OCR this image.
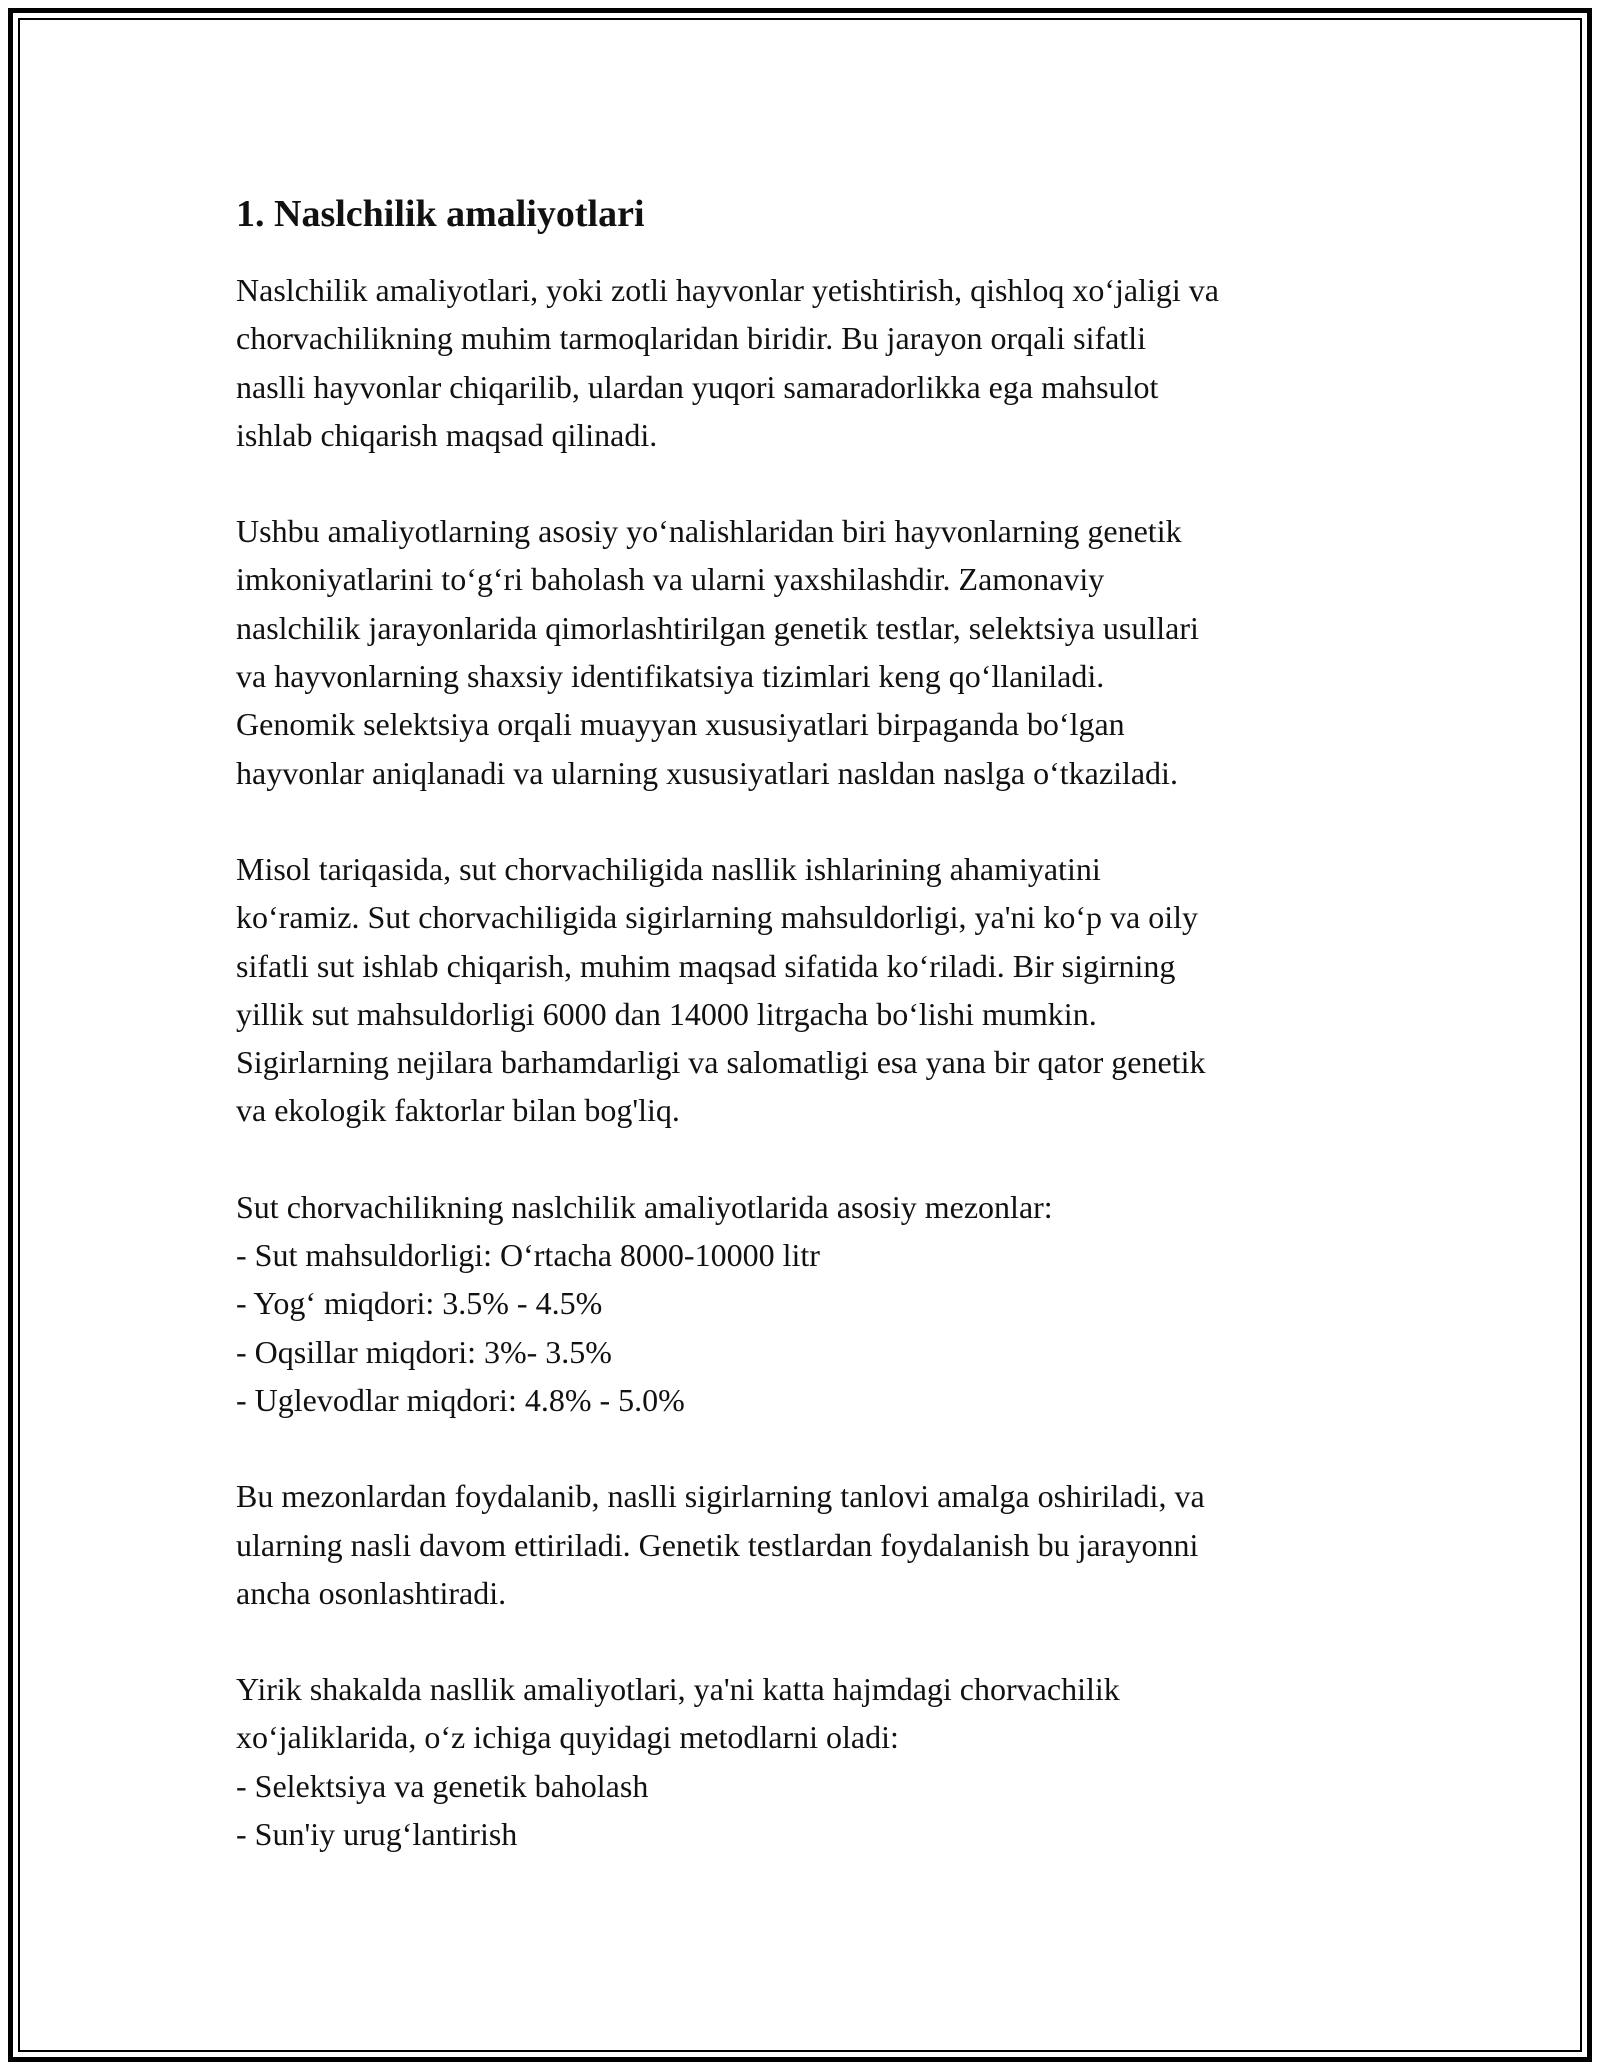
1. Naslchilik amaliyotlari

Naslchilik amaliyotlari, yoki zotli hayvonlar yetishtirish, qishloq xo‘jaligi va
chorvachilikning muhim tarmoqlaridan biridir. Bu jarayon orqali sifatli
naslli hayvonlar chiqarilib, ulardan yuqori samaradorlikka ega mahsulot
ishlab chiqarish maqsad qilinadi.

Ushbu amaliyotlarning asosiy yo‘nalishlaridan biri hayvonlarning genetik
imkoniyatlarini to‘g‘ri baholash va ularni yaxshilashdir. Zamonaviy
naslchilik jarayonlarida qimorlashtirilgan genetik testlar, selektsiya usullari
va hayvonlarning shaxsiy identifikatsiya tizimlari keng qo‘llaniladi.
Genomik selektsiya orqali muayyan xususiyatlari birpaganda bo‘lgan
hayvonlar aniqlanadi va ularning xususiyatlari nasldan naslga o‘tkaziladi.

Misol tariqasida, sut chorvachiligida nasllik ishlarining ahamiyatini
ko‘ramiz. Sut chorvachiligida sigirlarning mahsuldorligi, ya'ni ko‘p va oily
sifatli sut ishlab chiqarish, muhim maqsad sifatida ko‘riladi. Bir sigirning
yillik sut mahsuldorligi 6000 dan 14000 litrgacha bo‘lishi mumkin.
Sigirlarning nejilara barhamdarligi va salomatligi esa yana bir qator genetik
va ekologik faktorlar bilan bog'liq.

Sut chorvachilikning naslchilik amaliyotlarida asosiy mezonlar:
- Sut mahsuldorligi: O‘rtacha 8000-10000 litr
- Yog‘ miqdori: 3.5% - 4.5%
- Oqsillar miqdori: 3%- 3.5%
- Uglevodlar miqdori: 4.8% - 5.0%

Bu mezonlardan foydalanib, naslli sigirlarning tanlovi amalga oshiriladi, va
ularning nasli davom ettiriladi. Genetik testlardan foydalanish bu jarayonni
ancha osonlashtiradi.

Yirik shakalda nasllik amaliyotlari, ya'ni katta hajmdagi chorvachilik
xo‘jaliklarida, o‘z ichiga quyidagi metodlarni oladi:
- Selektsiya va genetik baholash
- Sun'iy urug‘lantirish
